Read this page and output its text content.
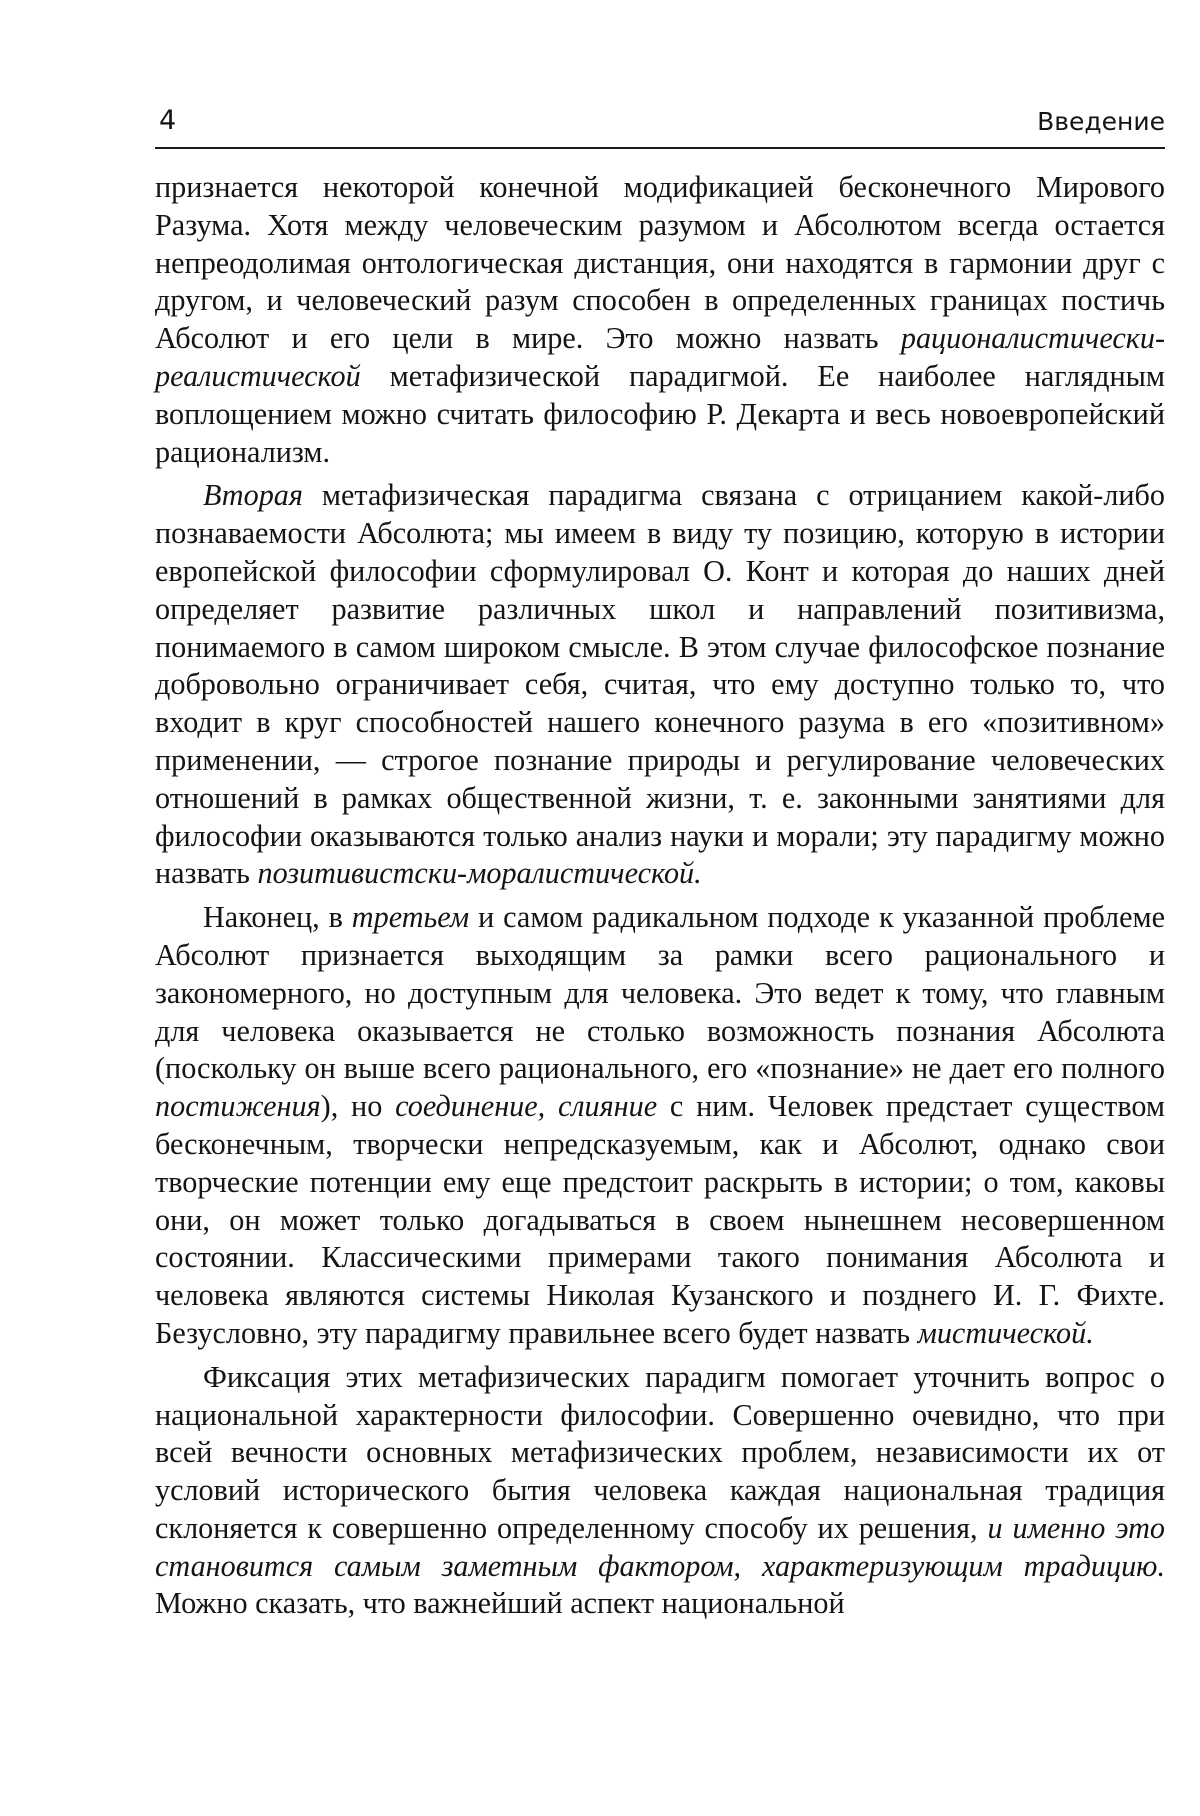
4	Введение

признается некоторой конечной модификацией бесконечного Мирового Разума. Хотя между человеческим разумом и Абсолютом всегда остается непреодолимая онтологическая дистанция, они находятся в гармонии друг с другом, и человеческий разум способен в определенных границах постичь Абсолют и его цели в мире. Это можно назвать рационалистически-реалистической метафизической парадигмой. Ее наиболее наглядным воплощением можно считать философию Р. Декарта и весь новоевропейский рационализм.

Вторая метафизическая парадигма связана с отрицанием какой-либо познаваемости Абсолюта; мы имеем в виду ту позицию, которую в истории европейской философии сформулировал О. Конт и которая до наших дней определяет развитие различных школ и направлений позитивизма, понимаемого в самом широком смысле. В этом случае философское познание добровольно ограничивает себя, считая, что ему доступно только то, что входит в круг способностей нашего конечного разума в его «позитивном» применении, — строгое познание природы и регулирование человеческих отношений в рамках общественной жизни, т. е. законными занятиями для философии оказываются только анализ науки и морали; эту парадигму можно назвать позитивистски-моралистической.

Наконец, в третьем и самом радикальном подходе к указанной проблеме Абсолют признается выходящим за рамки всего рационального и закономерного, но доступным для человека. Это ведет к тому, что главным для человека оказывается не столько возможность познания Абсолюта (поскольку он выше всего рационального, его «познание» не дает его полного постижения), но соединение, слияние с ним. Человек предстает существом бесконечным, творчески непредсказуемым, как и Абсолют, однако свои творческие потенции ему еще предстоит раскрыть в истории; о том, каковы они, он может только догадываться в своем нынешнем несовершенном состоянии. Классическими примерами такого понимания Абсолюта и человека являются системы Николая Кузанского и позднего И. Г. Фихте. Безусловно, эту парадигму правильнее всего будет назвать мистической.

Фиксация этих метафизических парадигм помогает уточнить вопрос о национальной характерности философии. Совершенно очевидно, что при всей вечности основных метафизических проблем, независимости их от условий исторического бытия человека каждая национальная традиция склоняется к совершенно определенному способу их решения, и именно это становится самым заметным фактором, характеризующим традицию. Можно сказать, что важнейший аспект национальной
